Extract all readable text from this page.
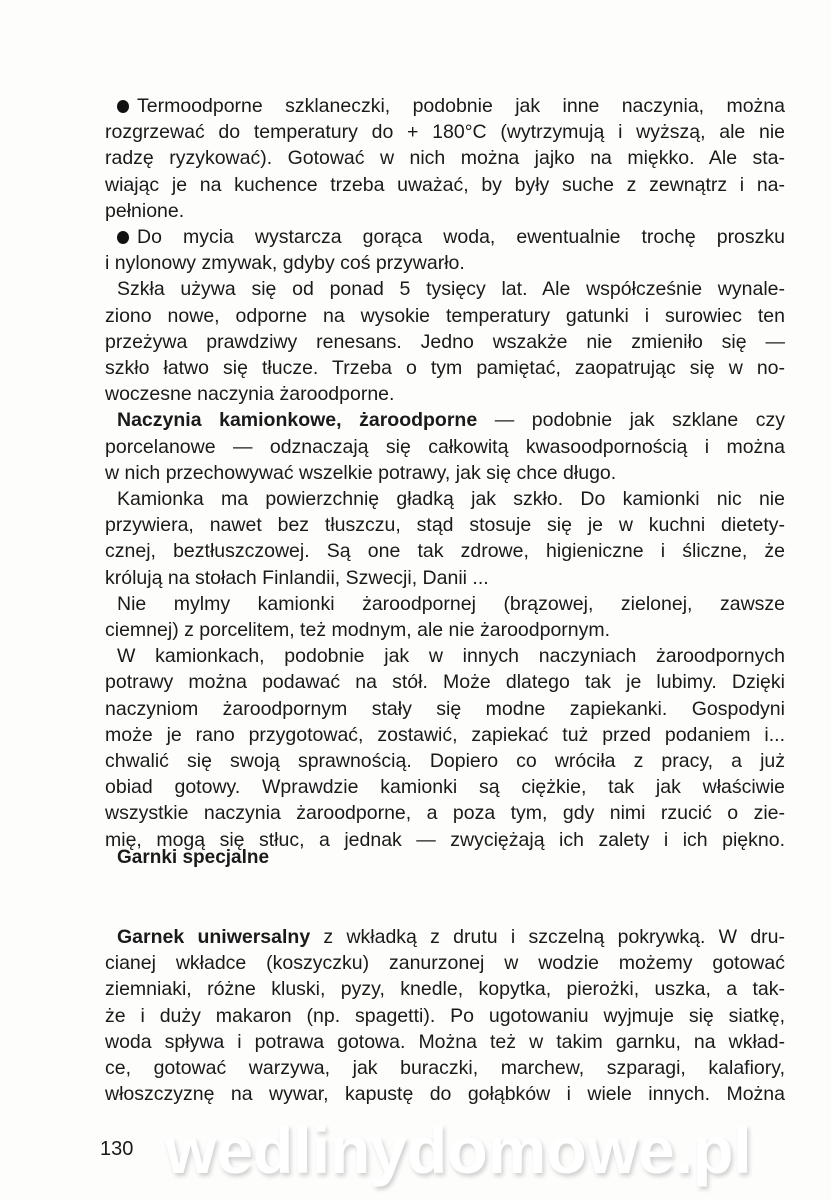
Termoodporne szklaneczki, podobnie jak inne naczynia, można
rozgrzewać do temperatury do + 180°C (wytrzymują i wyższą, ale nie
radzę ryzykować). Gotować w nich można jajko na miękko. Ale sta-
wiając je na kuchence trzeba uważać, by były suche z zewnątrz i na-
pełnione.
Do mycia wystarcza gorąca woda, ewentualnie trochę proszku
i nylonowy zmywak, gdyby coś przywarło.
Szkła używa się od ponad 5 tysięcy lat. Ale współcześnie wynale-
ziono nowe, odporne na wysokie temperatury gatunki i surowiec ten
przeżywa prawdziwy renesans. Jedno wszakże nie zmieniło się —
szkło łatwo się tłucze. Trzeba o tym pamiętać, zaopatrując się w no-
woczesne naczynia żaroodporne.
Naczynia kamionkowe, żaroodporne — podobnie jak szklane czy
porcelanowe — odznaczają się całkowitą kwasoodpornością i można
w nich przechowywać wszelkie potrawy, jak się chce długo.
Kamionka ma powierzchnię gładką jak szkło. Do kamionki nic nie
przywiera, nawet bez tłuszczu, stąd stosuje się je w kuchni dietety-
cznej, beztłuszczowej. Są one tak zdrowe, higieniczne i śliczne, że
królują na stołach Finlandii, Szwecji, Danii ...
Nie mylmy kamionki żaroodpornej (brązowej, zielonej, zawsze
ciemnej) z porcelitem, też modnym, ale nie żaroodpornym.
W kamionkach, podobnie jak w innych naczyniach żaroodpornych
potrawy można podawać na stół. Może dlatego tak je lubimy. Dzięki
naczyniom żaroodpornym stały się modne zapiekanki. Gospodyni
może je rano przygotować, zostawić, zapiekać tuż przed podaniem i...
chwalić się swoją sprawnością. Dopiero co wróciła z pracy, a już
obiad gotowy. Wprawdzie kamionki są ciężkie, tak jak właściwie
wszystkie naczynia żaroodporne, a poza tym, gdy nimi rzucić o zie-
mię, mogą się stłuc, a jednak — zwyciężają ich zalety i ich piękno.
Garnek uniwersalny z wkładką z drutu i szczelną pokrywką. W dru-
cianej wkładce (koszyczku) zanurzonej w wodzie możemy gotować
ziemniaki, różne kluski, pyzy, knedle, kopytka, pierożki, uszka, a tak-
że i duży makaron (np. spagetti). Po ugotowaniu wyjmuje się siatkę,
woda spływa i potrawa gotowa. Można też w takim garnku, na wkład-
ce, gotować warzywa, jak buraczki, marchew, szparagi, kalafiory,
włoszczyznę na wywar, kapustę do gołąbków i wiele innych. Można
Garnki specjalne
wedlinydomowe.pl
130
